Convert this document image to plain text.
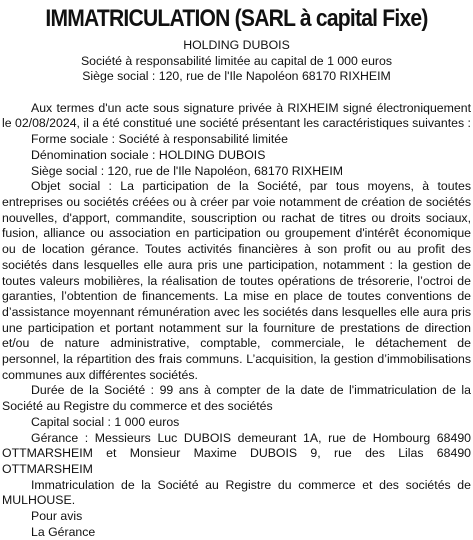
IMMATRICULATION (SARL à capital Fixe)
HOLDING DUBOIS
Société à responsabilité limitée au capital de 1 000 euros
Siège social : 120, rue de l'Ile Napoléon 68170 RIXHEIM

Aux termes d'un acte sous signature privée à RIXHEIM signé électroniquement le 02/08/2024, il a été constitué une société présentant les caractéristiques suivantes :

Forme sociale : Société à responsabilité limitée

Dénomination sociale : HOLDING DUBOIS

Siège social : 120, rue de l'Ile Napoléon, 68170 RIXHEIM

Objet social : La participation de la Société, par tous moyens, à toutes entreprises ou sociétés créées ou à créer par voie notamment de création de sociétés nouvelles, d'apport, commandite, souscription ou rachat de titres ou droits sociaux, fusion, alliance ou association en participation ou groupement d'intérêt économique ou de location gérance. Toutes activités financières à son profit ou au profit des sociétés dans lesquelles elle aura pris une participation, notamment : la gestion de toutes valeurs mobilières, la réalisation de toutes opérations de trésorerie, l’octroi de garanties, l’obtention de financements. La mise en place de toutes conventions de d’assistance moyennant rémunération avec les sociétés dans lesquelles elle aura pris une participation et portant notamment sur la fourniture de prestations de direction et/ou de nature administrative, comptable, commerciale, le détachement de personnel, la répartition des frais communs. L’acquisition, la gestion d’immobilisations communes aux différentes sociétés.

Durée de la Société : 99 ans à compter de la date de l'immatriculation de la Société au Registre du commerce et des sociétés

Capital social : 1 000 euros

Gérance : Messieurs Luc DUBOIS demeurant 1A, rue de Hombourg 68490 OTTMARSHEIM et Monsieur Maxime DUBOIS 9, rue des Lilas 68490 OTTMARSHEIM

Immatriculation de la Société au Registre du commerce et des sociétés de MULHOUSE.

Pour avis

La Gérance
